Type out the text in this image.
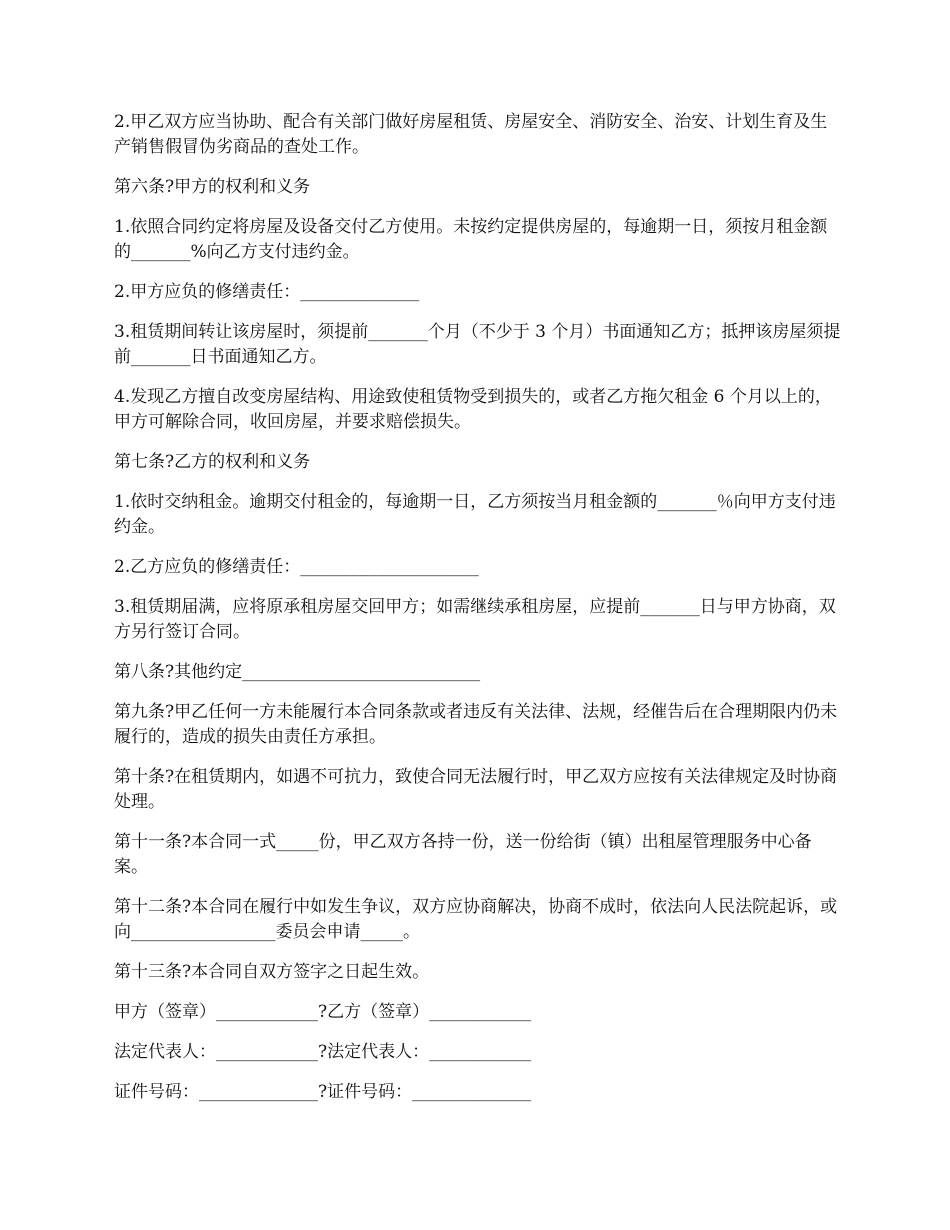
2.甲乙双方应当协助、配合有关部门做好房屋租赁、房屋安全、消防安全、治安、计划生育及生产销售假冒伪劣商品的查处工作。

第六条?甲方的权利和义务

1.依照合同约定将房屋及设备交付乙方使用。未按约定提供房屋的，每逾期一日，须按月租金额的_______%向乙方支付违约金。

2.甲方应负的修缮责任：______________

3.租赁期间转让该房屋时，须提前_______个月（不少于 3 个月）书面通知乙方；抵押该房屋须提前_______日书面通知乙方。

4.发现乙方擅自改变房屋结构、用途致使租赁物受到损失的，或者乙方拖欠租金 6 个月以上的，甲方可解除合同，收回房屋，并要求赔偿损失。

第七条?乙方的权利和义务

1.依时交纳租金。逾期交付租金的，每逾期一日，乙方须按当月租金额的_______％向甲方支付违约金。

2.乙方应负的修缮责任：_____________________

3.租赁期届满，应将原承租房屋交回甲方；如需继续承租房屋，应提前_______日与甲方协商，双方另行签订合同。

第八条?其他约定____________________________

第九条?甲乙任何一方未能履行本合同条款或者违反有关法律、法规，经催告后在合理期限内仍未履行的，造成的损失由责任方承担。

第十条?在租赁期内，如遇不可抗力，致使合同无法履行时，甲乙双方应按有关法律规定及时协商处理。

第十一条?本合同一式_____份，甲乙双方各持一份，送一份给街（镇）出租屋管理服务中心备案。

第十二条?本合同在履行中如发生争议，双方应协商解决，协商不成时，依法向人民法院起诉，或向_________________委员会申请_____。

第十三条?本合同自双方签字之日起生效。

甲方（签章）____________?乙方（签章）____________

法定代表人：____________?法定代表人：____________

证件号码：______________?证件号码：______________
